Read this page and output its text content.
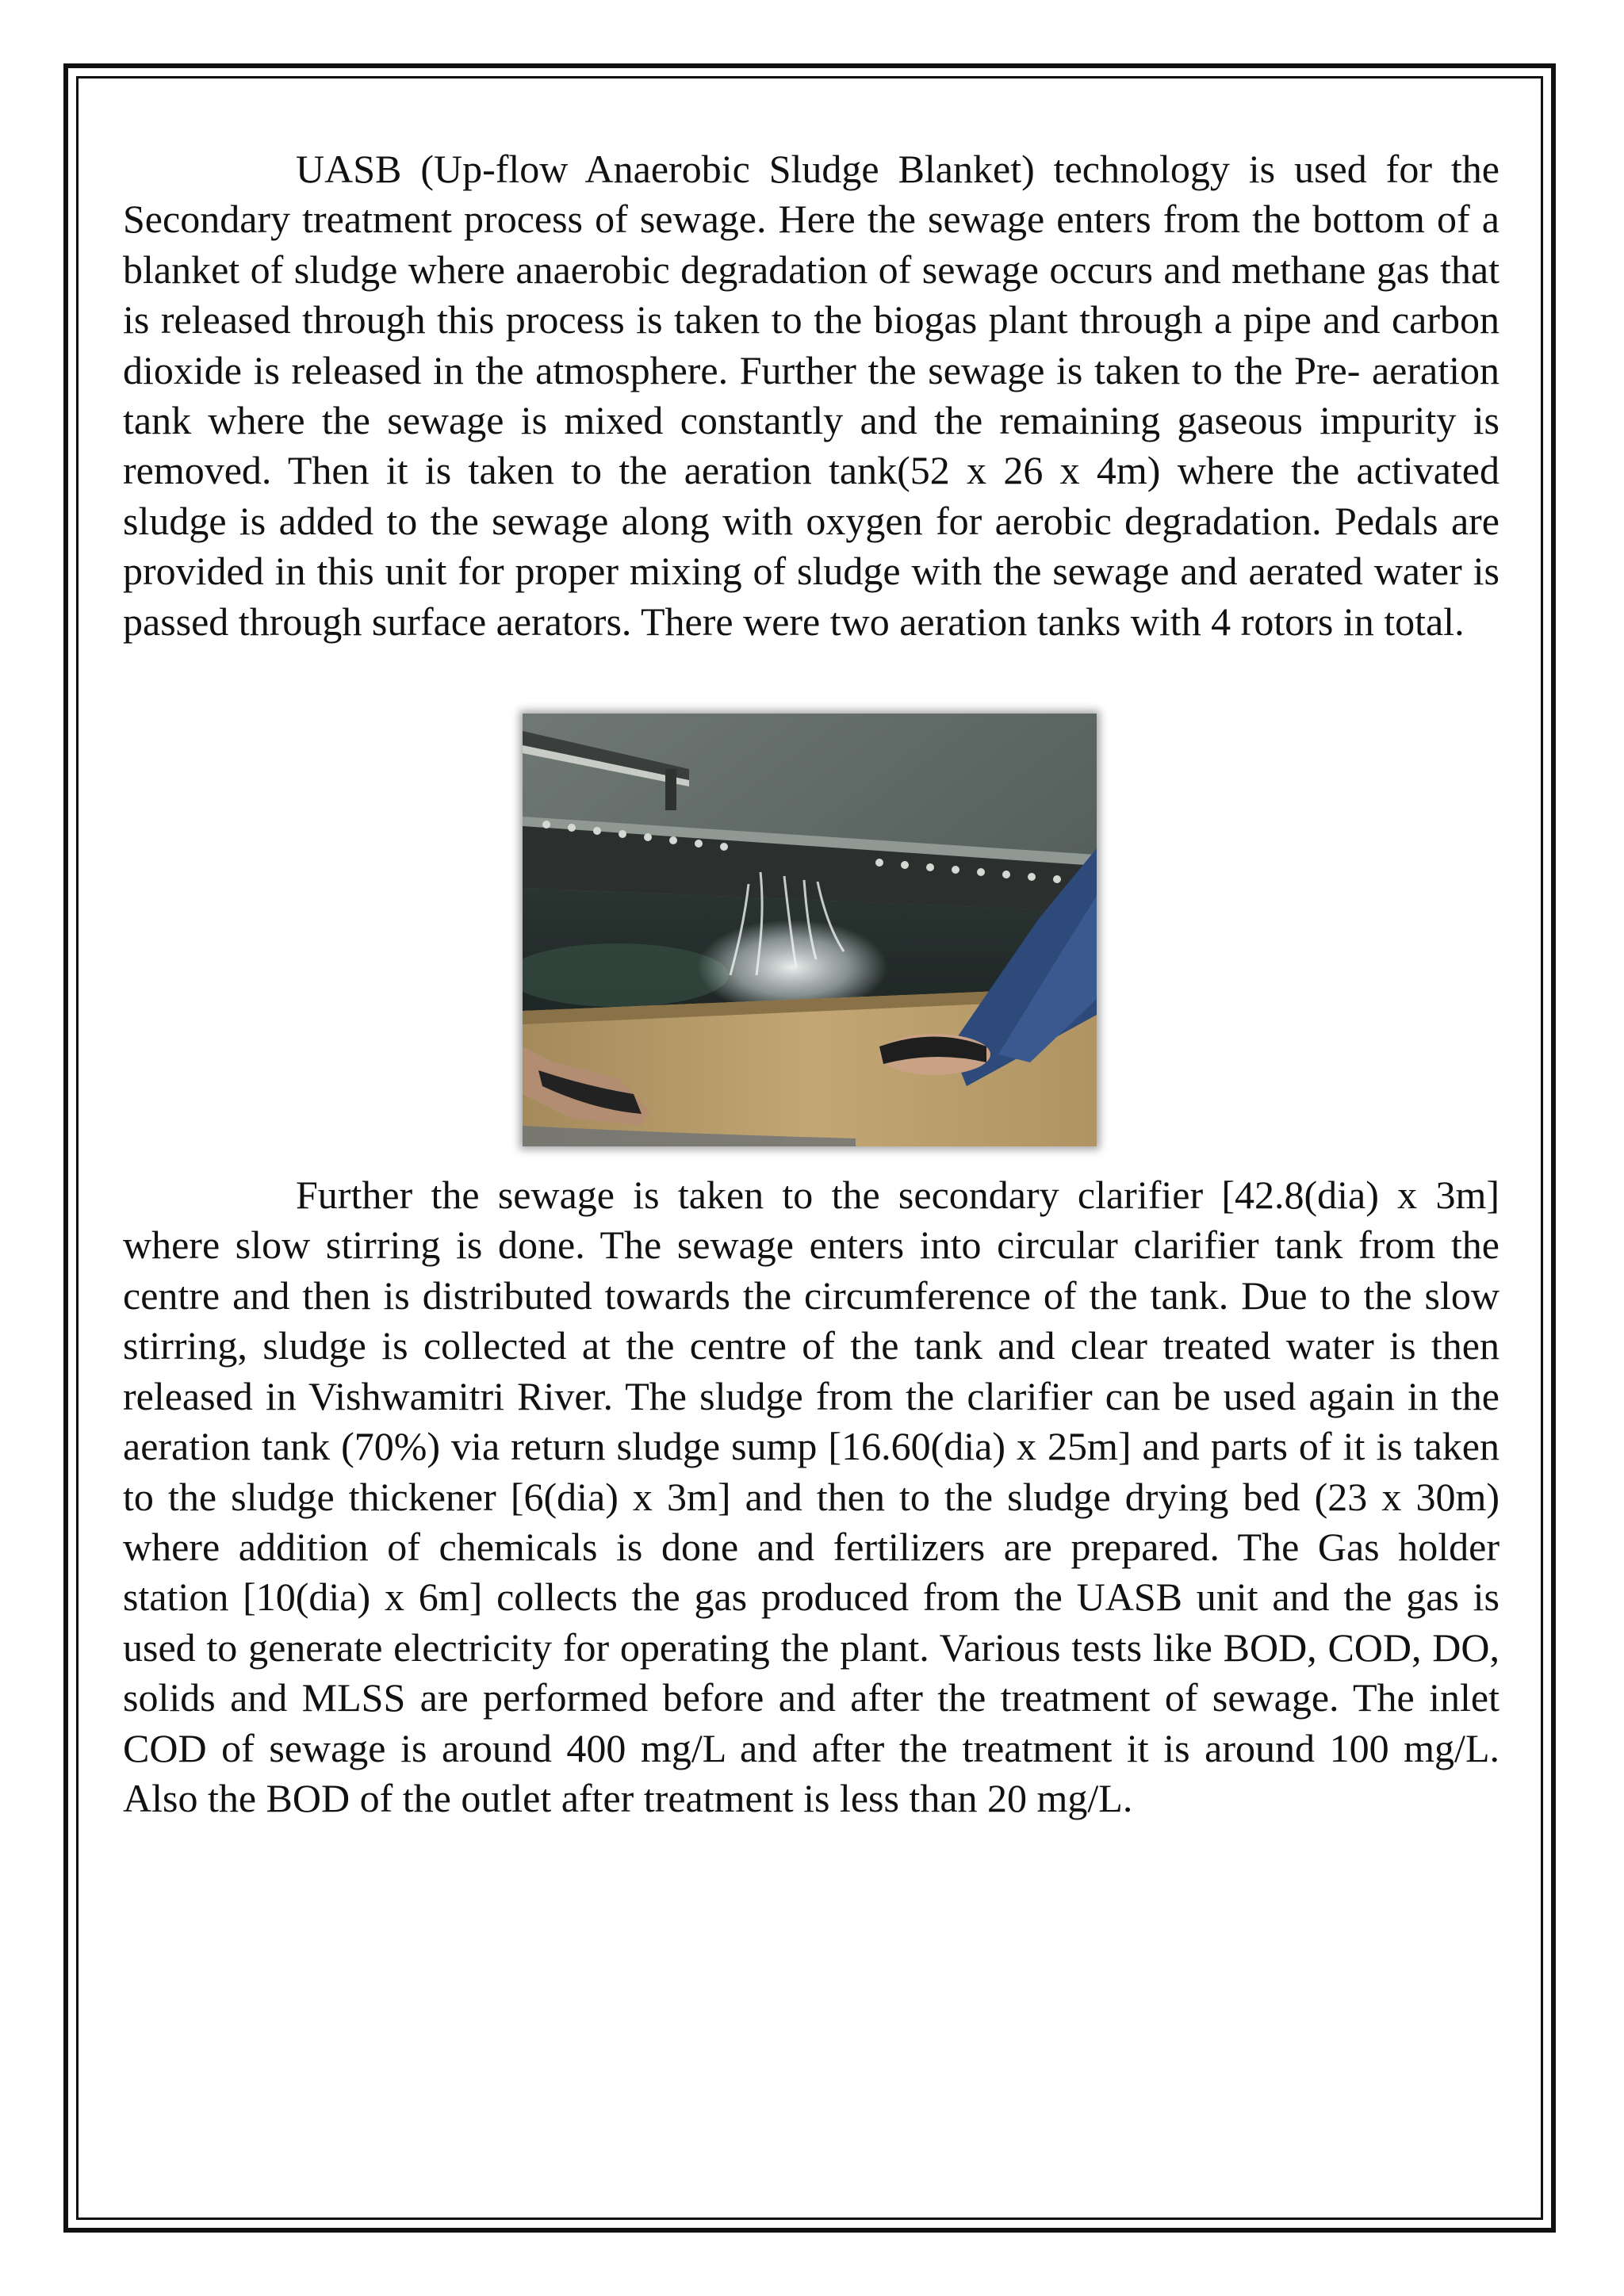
UASB (Up-flow Anaerobic Sludge Blanket) technology is used for the Secondary treatment process of sewage. Here the sewage enters from the bottom of a blanket of sludge where anaerobic degradation of sewage occurs and methane gas that is released through this process is taken to the biogas plant through a pipe and carbon dioxide is released in the atmosphere. Further the sewage is taken to the Pre- aeration tank where the sewage is mixed constantly and the remaining gaseous impurity is removed. Then it is taken to the aeration tank(52 x 26 x 4m) where the activated sludge is added to the sewage along with oxygen for aerobic degradation. Pedals are provided in this unit for proper mixing of sludge with the sewage and aerated water is passed through surface aerators. There were two aeration tanks with 4 rotors in total.

Further the sewage is taken to the secondary clarifier [42.8(dia) x 3m] where slow stirring is done. The sewage enters into circular clarifier tank from the centre and then is distributed towards the circumference of the tank. Due to the slow stirring, sludge is collected at the centre of the tank and clear treated water is then released in Vishwamitri River. The sludge from the clarifier can be used again in the aeration tank (70%) via return sludge sump [16.60(dia) x 25m] and parts of it is taken to the sludge thickener [6(dia) x 3m] and then to the sludge drying bed (23 x 30m) where addition of chemicals is done and fertilizers are prepared. The Gas holder station [10(dia) x 6m] collects the gas produced from the UASB unit and the gas is used to generate electricity for operating the plant. Various tests like BOD, COD, DO, solids and MLSS are performed before and after the treatment of sewage. The inlet COD of sewage is around 400 mg/L and after the treatment it is around 100 mg/L. Also the BOD of the outlet after treatment is less than 20 mg/L.
